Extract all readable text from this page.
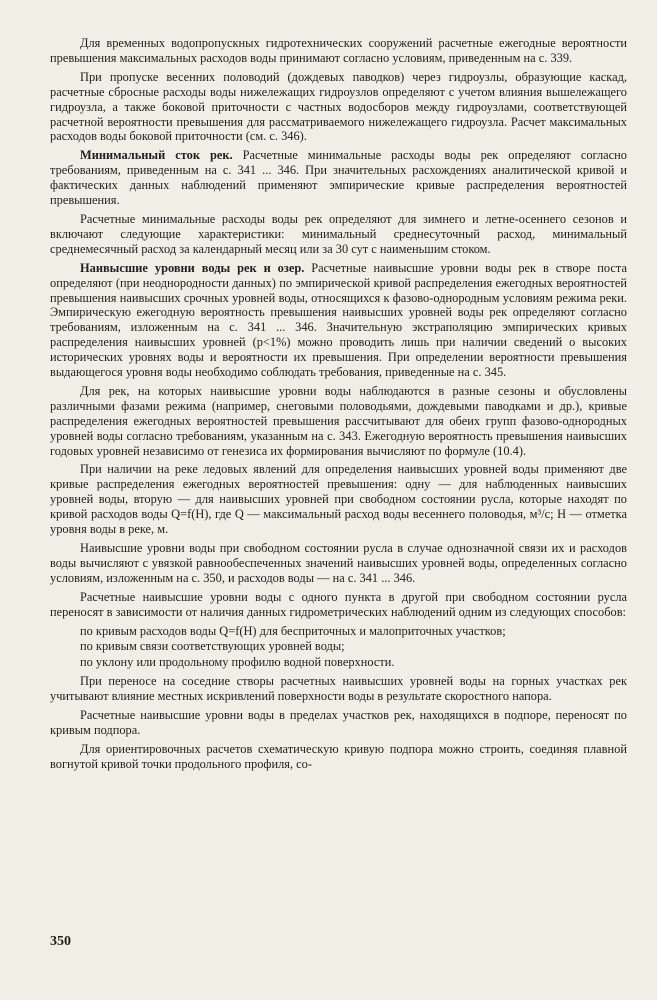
Для временных водопропускных гидротехнических сооружений расчетные ежегодные вероятности превышения максимальных расходов воды принимают согласно условиям, приведенным на с. 339.

При пропуске весенних половодий (дождевых паводков) через гидроузлы, образующие каскад, расчетные сбросные расходы воды нижележащих гидроузлов определяют с учетом влияния вышележащего гидроузла, а также боковой приточности с частных водосборов между гидроузлами, соответствующей расчетной вероятности превышения для рассматриваемого нижележащего гидроузла. Расчет максимальных расходов воды боковой приточности (см. с. 346).

Минимальный сток рек. Расчетные минимальные расходы воды рек определяют согласно требованиям, приведенным на с. 341 ... 346. При значительных расхождениях аналитической кривой и фактических данных наблюдений применяют эмпирические кривые распределения вероятностей превышения.

Расчетные минимальные расходы воды рек определяют для зимнего и летне-осеннего сезонов и включают следующие характеристики: минимальный среднесуточный расход, минимальный среднемесячный расход за календарный месяц или за 30 сут с наименьшим стоком.

Наивысшие уровни воды рек и озер. Расчетные наивысшие уровни воды рек в створе поста определяют (при неоднородности данных) по эмпирической кривой распределения ежегодных вероятностей превышения наивысших срочных уровней воды, относящихся к фазово-однородным условиям режима реки. Эмпирическую ежегодную вероятность превышения наивысших уровней воды рек определяют согласно требованиям, изложенным на с. 341 ... 346. Значительную экстраполяцию эмпирических кривых распределения наивысших уровней (р<1%) можно проводить лишь при наличии сведений о высоких исторических уровнях воды и вероятности их превышения. При определении вероятности превышения выдающегося уровня воды необходимо соблюдать требования, приведенные на с. 345.

Для рек, на которых наивысшие уровни воды наблюдаются в разные сезоны и обусловлены различными фазами режима (например, снеговыми половодьями, дождевыми паводками и др.), кривые распределения ежегодных вероятностей превышения рассчитывают для обеих групп фазово-однородных уровней воды согласно требованиям, указанным на с. 343. Ежегодную вероятность превышения наивысших годовых уровней независимо от генезиса их формирования вычисляют по формуле (10.4).

При наличии на реке ледовых явлений для определения наивысших уровней воды применяют две кривые распределения ежегодных вероятностей превышения: одну — для наблюденных наивысших уровней воды, вторую — для наивысших уровней при свободном состоянии русла, которые находят по кривой расходов воды Q=f(H), где Q — максимальный расход воды весеннего половодья, м³/с; H — отметка уровня воды в реке, м.

Наивысшие уровни воды при свободном состоянии русла в случае однозначной связи их и расходов воды вычисляют с увязкой равнообеспеченных значений наивысших уровней воды, определенных согласно условиям, изложенным на с. 350, и расходов воды — на с. 341 ... 346.

Расчетные наивысшие уровни воды с одного пункта в другой при свободном состоянии русла переносят в зависимости от наличия данных гидрометрических наблюдений одним из следующих способов:

по кривым расходов воды Q=f(H) для бесприточных и малоприточных участков;

по кривым связи соответствующих уровней воды;

по уклону или продольному профилю водной поверхности.

При переносе на соседние створы расчетных наивысших уровней воды на горных участках рек учитывают влияние местных искривлений поверхности воды в результате скоростного напора.

Расчетные наивысшие уровни воды в пределах участков рек, находящихся в подпоре, переносят по кривым подпора.

Для ориентировочных расчетов схематическую кривую подпора можно строить, соединяя плавной вогнутой кривой точки продольного профиля, со-

350
